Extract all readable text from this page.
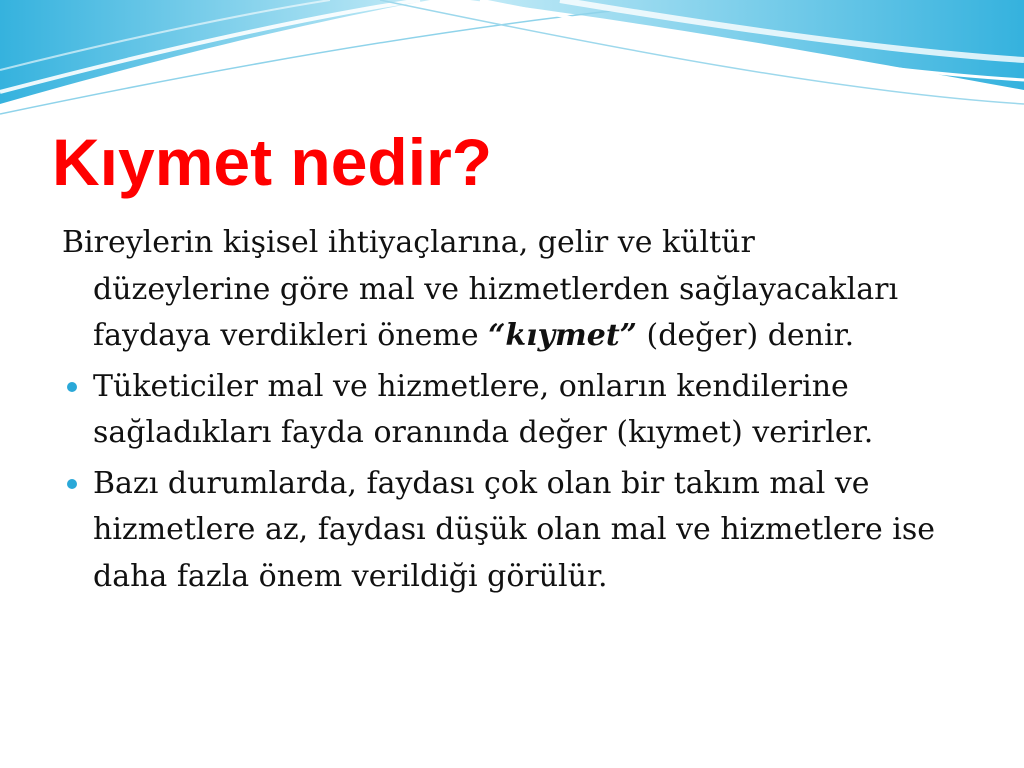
Kıymet nedir?
Bireylerin kişisel ihtiyaçlarına, gelir ve kültür
düzeylerine göre mal ve hizmetlerden sağlayacakları
faydaya verdikleri öneme “kıymet” (değer) denir.
Tüketiciler mal ve hizmetlere, onların kendilerine
sağladıkları fayda oranında değer (kıymet) verirler.
Bazı durumlarda, faydası çok olan bir takım mal ve
hizmetlere az, faydası düşük olan mal ve hizmetlere ise
daha fazla önem verildiği görülür.
